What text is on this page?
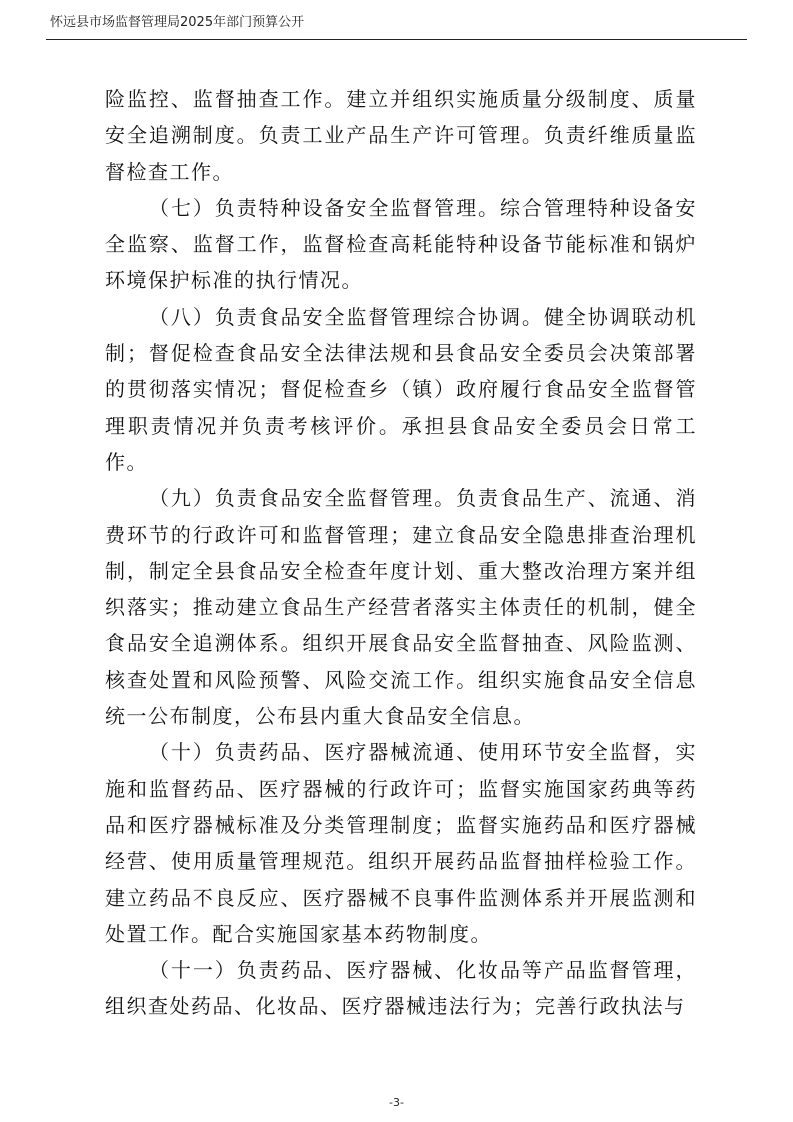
怀远县市场监督管理局2025年部门预算公开

险监控、监督抽查工作。建立并组织实施质量分级制度、质量安全追溯制度。负责工业产品生产许可管理。负责纤维质量监督检查工作。

（七）负责特种设备安全监督管理。综合管理特种设备安全监察、监督工作，监督检查高耗能特种设备节能标准和锅炉环境保护标准的执行情况。

（八）负责食品安全监督管理综合协调。健全协调联动机制；督促检查食品安全法律法规和县食品安全委员会决策部署的贯彻落实情况；督促检查乡（镇）政府履行食品安全监督管理职责情况并负责考核评价。承担县食品安全委员会日常工作。

（九）负责食品安全监督管理。负责食品生产、流通、消费环节的行政许可和监督管理；建立食品安全隐患排查治理机制，制定全县食品安全检查年度计划、重大整改治理方案并组织落实；推动建立食品生产经营者落实主体责任的机制，健全食品安全追溯体系。组织开展食品安全监督抽查、风险监测、核查处置和风险预警、风险交流工作。组织实施食品安全信息统一公布制度，公布县内重大食品安全信息。

（十）负责药品、医疗器械流通、使用环节安全监督，实施和监督药品、医疗器械的行政许可；监督实施国家药典等药品和医疗器械标准及分类管理制度；监督实施药品和医疗器械经营、使用质量管理规范。组织开展药品监督抽样检验工作。建立药品不良反应、医疗器械不良事件监测体系并开展监测和处置工作。配合实施国家基本药物制度。

（十一）负责药品、医疗器械、化妆品等产品监督管理，组织查处药品、化妆品、医疗器械违法行为；完善行政执法与

-3-
